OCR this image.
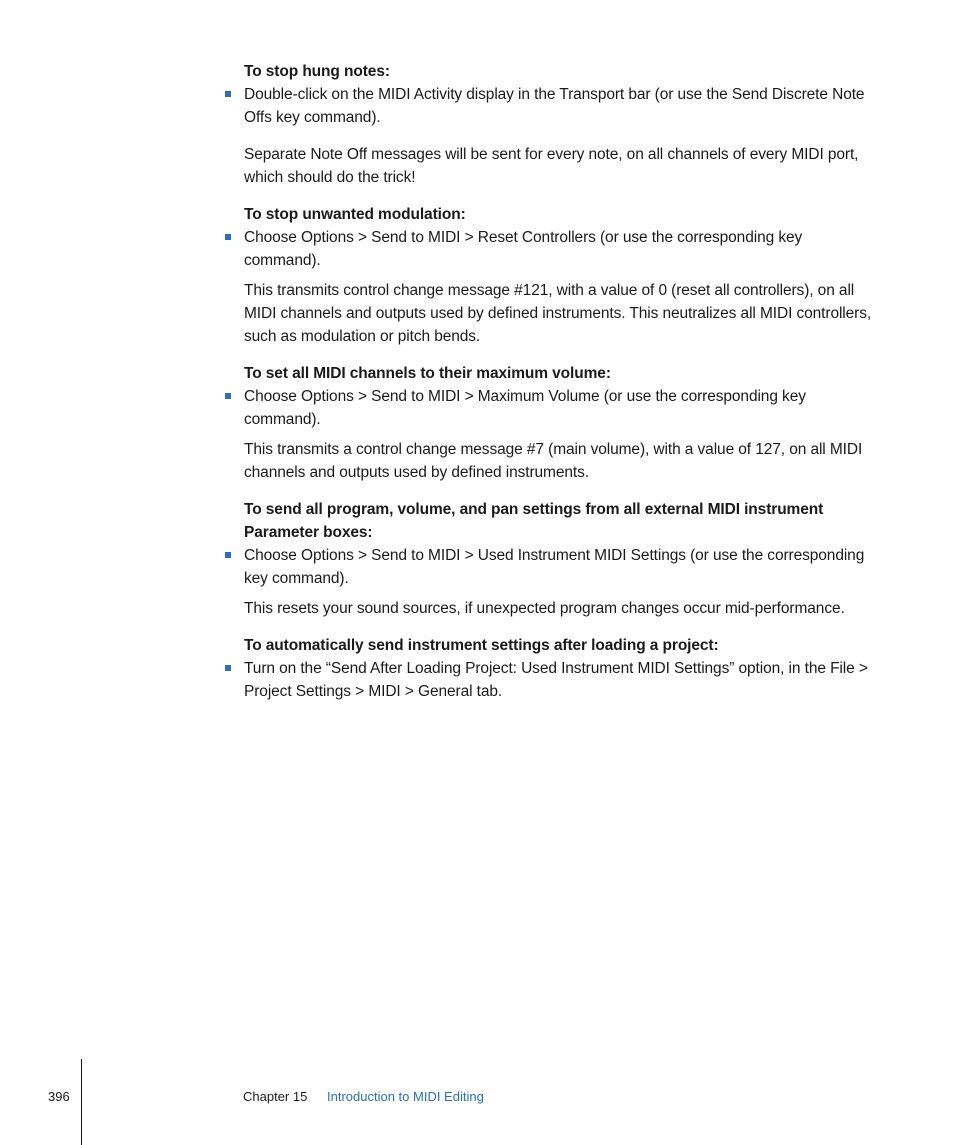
To stop hung notes:
Double-click on the MIDI Activity display in the Transport bar (or use the Send Discrete Note Offs key command).
Separate Note Off messages will be sent for every note, on all channels of every MIDI port, which should do the trick!
To stop unwanted modulation:
Choose Options > Send to MIDI > Reset Controllers (or use the corresponding key command).
This transmits control change message #121, with a value of 0 (reset all controllers), on all MIDI channels and outputs used by defined instruments. This neutralizes all MIDI controllers, such as modulation or pitch bends.
To set all MIDI channels to their maximum volume:
Choose Options > Send to MIDI > Maximum Volume (or use the corresponding key command).
This transmits a control change message #7 (main volume), with a value of 127, on all MIDI channels and outputs used by defined instruments.
To send all program, volume, and pan settings from all external MIDI instrument Parameter boxes:
Choose Options > Send to MIDI > Used Instrument MIDI Settings (or use the corresponding key command).
This resets your sound sources, if unexpected program changes occur mid-performance.
To automatically send instrument settings after loading a project:
Turn on the “Send After Loading Project: Used Instrument MIDI Settings” option, in the File > Project Settings > MIDI > General tab.
396	Chapter 15 Introduction to MIDI Editing
